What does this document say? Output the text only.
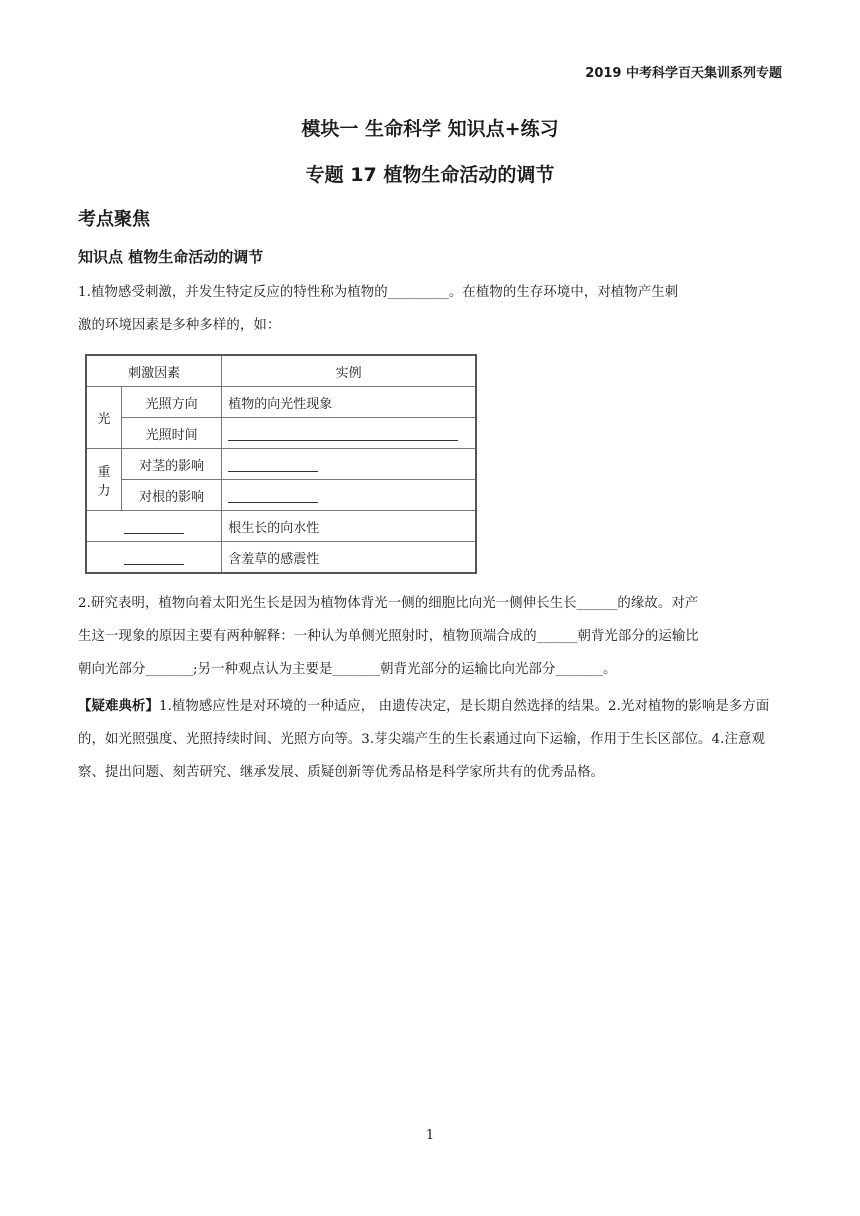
2019 中考科学百天集训系列专题
模块一 生命科学 知识点+练习
专题 17 植物生命活动的调节
考点聚焦
知识点 植物生命活动的调节
1.植物感受刺激，并发生特定反应的特性称为植物的_________。在植物的生存环境中，对植物产生刺
激的环境因素是多种多样的，如：
刺激因素		实例
光	光照方向	植物的向光性现象
	光照时间	
重力	对茎的影响	
	对根的影响	
		根生长的向水性
		含羞草的感震性
2.研究表明，植物向着太阳光生长是因为植物体背光一侧的细胞比向光一侧伸长生长______的缘故。对产
生这一现象的原因主要有两种解释：一种认为单侧光照射时，植物顶端合成的______朝背光部分的运输比
朝向光部分_______;另一种观点认为主要是_______朝背光部分的运输比向光部分_______。
【疑难典析】1.植物感应性是对环境的一种适应， 由遗传决定，是长期自然选择的结果。2.光对植物的影响是多方面的，如光照强度、光照持续时间、光照方向等。3.芽尖端产生的生长素通过向下运输，作用于生长区部位。4.注意观察、提出问题、刻苦研究、继承发展、质疑创新等优秀品格是科学家所共有的优秀品格。
1
